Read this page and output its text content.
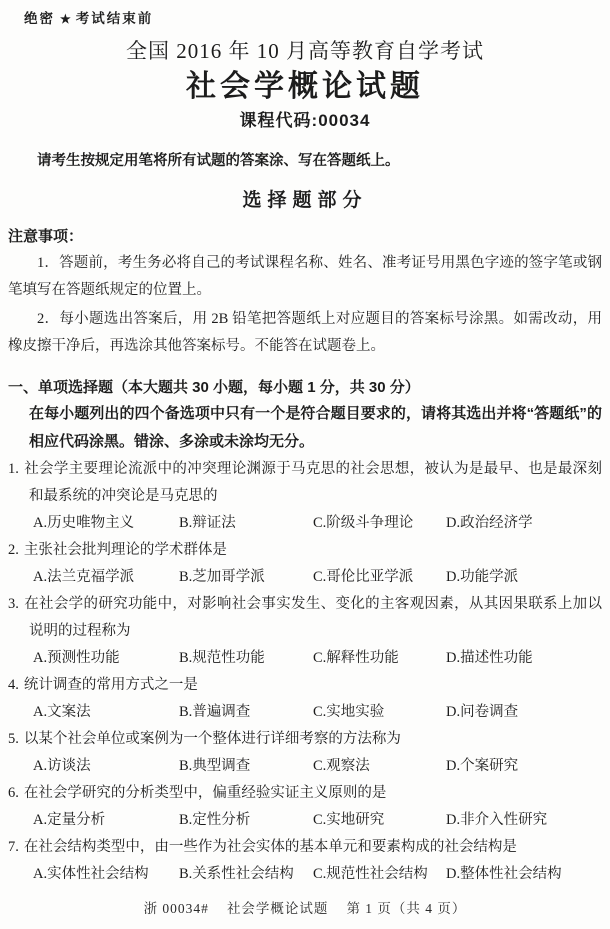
绝密 ★ 考试结束前
全国 2016 年 10 月高等教育自学考试
社会学概论试题
课程代码:00034

请考生按规定用笔将所有试题的答案涂、写在答题纸上。

选择题部分
注意事项：

1．答题前，考生务必将自己的考试课程名称、姓名、准考证号用黑色字迹的签字笔或钢笔填写在答题纸规定的位置上。

2．每小题选出答案后，用 2B 铅笔把答题纸上对应题目的答案标号涂黑。如需改动，用橡皮擦干净后，再选涂其他答案标号。不能答在试题卷上。

一、单项选择题（本大题共 30 小题，每小题 1 分，共 30 分）

在每小题列出的四个备选项中只有一个是符合题目要求的，请将其选出并将“答题纸”的相应代码涂黑。错涂、多涂或未涂均无分。

1. 社会学主要理论流派中的冲突理论渊源于马克思的社会思想，被认为是最早、也是最深刻和最系统的冲突论是马克思的
A.历史唯物主义	B.辩证法	C.阶级斗争理论	D.政治经济学
2. 主张社会批判理论的学术群体是
A.法兰克福学派	B.芝加哥学派	C.哥伦比亚学派	D.功能学派
3. 在社会学的研究功能中，对影响社会事实发生、变化的主客观因素，从其因果联系上加以说明的过程称为
A.预测性功能	B.规范性功能	C.解释性功能	D.描述性功能
4. 统计调查的常用方式之一是
A.文案法	B.普遍调查	C.实地实验	D.问卷调查
5. 以某个社会单位或案例为一个整体进行详细考察的方法称为
A.访谈法	B.典型调查	C.观察法	D.个案研究
6. 在社会学研究的分析类型中，偏重经验实证主义原则的是
A.定量分析	B.定性分析	C.实地研究	D.非介入性研究
7. 在社会结构类型中，由一些作为社会实体的基本单元和要素构成的社会结构是
A.实体性社会结构	B.关系性社会结构	C.规范性社会结构	D.整体性社会结构
浙 00034# 社会学概论试题 第 1 页（共 4 页）
